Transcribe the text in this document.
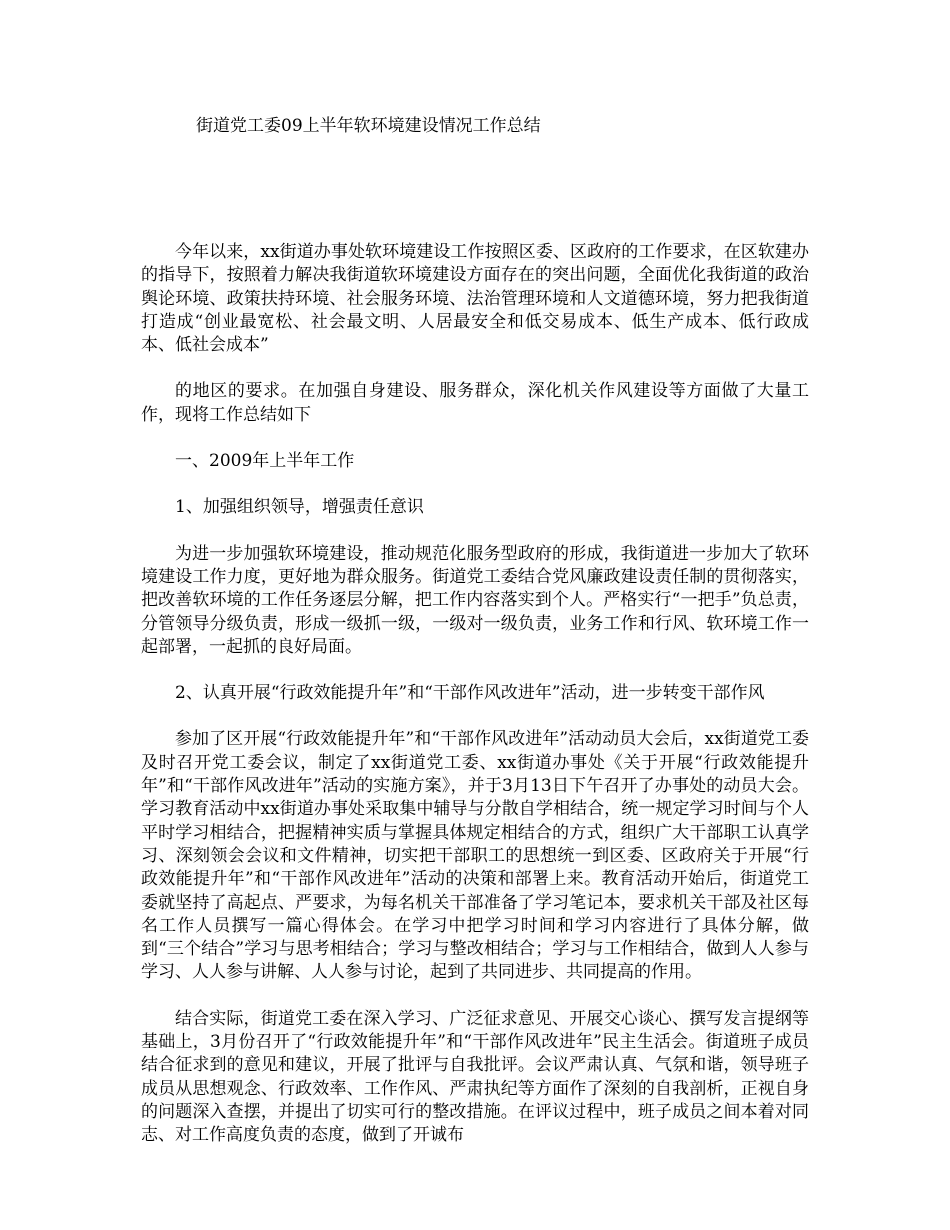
街道党工委09上半年软环境建设情况工作总结

今年以来，xx街道办事处软环境建设工作按照区委、区政府的工作要求，在区软建办的指导下，按照着力解决我街道软环境建设方面存在的突出问题，全面优化我街道的政治舆论环境、政策扶持环境、社会服务环境、法治管理环境和人文道德环境，努力把我街道打造成“创业最宽松、社会最文明、人居最安全和低交易成本、低生产成本、低行政成本、低社会成本”

的地区的要求。在加强自身建设、服务群众，深化机关作风建设等方面做了大量工作，现将工作总结如下

一、2009年上半年工作

1、加强组织领导，增强责任意识

为进一步加强软环境建设，推动规范化服务型政府的形成，我街道进一步加大了软环境建设工作力度，更好地为群众服务。街道党工委结合党风廉政建设责任制的贯彻落实，把改善软环境的工作任务逐层分解，把工作内容落实到个人。严格实行“一把手”负总责，分管领导分级负责，形成一级抓一级，一级对一级负责，业务工作和行风、软环境工作一起部署，一起抓的良好局面。

2、认真开展“行政效能提升年”和“干部作风改进年”活动，进一步转变干部作风

参加了区开展“行政效能提升年”和“干部作风改进年”活动动员大会后，xx街道党工委及时召开党工委会议，制定了xx街道党工委、xx街道办事处《关于开展“行政效能提升年”和“干部作风改进年”活动的实施方案》，并于3月13日下午召开了办事处的动员大会。学习教育活动中xx街道办事处采取集中辅导与分散自学相结合，统一规定学习时间与个人平时学习相结合，把握精神实质与掌握具体规定相结合的方式，组织广大干部职工认真学习、深刻领会会议和文件精神，切实把干部职工的思想统一到区委、区政府关于开展“行政效能提升年”和“干部作风改进年”活动的决策和部署上来。教育活动开始后，街道党工委就坚持了高起点、严要求，为每名机关干部准备了学习笔记本，要求机关干部及社区每名工作人员撰写一篇心得体会。在学习中把学习时间和学习内容进行了具体分解，做到“三个结合”学习与思考相结合；学习与整改相结合；学习与工作相结合，做到人人参与学习、人人参与讲解、人人参与讨论，起到了共同进步、共同提高的作用。

结合实际，街道党工委在深入学习、广泛征求意见、开展交心谈心、撰写发言提纲等基础上，3月份召开了“行政效能提升年”和“干部作风改进年”民主生活会。街道班子成员结合征求到的意见和建议，开展了批评与自我批评。会议严肃认真、气氛和谐，领导班子成员从思想观念、行政效率、工作作风、严肃执纪等方面作了深刻的自我剖析，正视自身的问题深入查摆，并提出了切实可行的整改措施。在评议过程中，班子成员之间本着对同志、对工作高度负责的态度，做到了开诚布
